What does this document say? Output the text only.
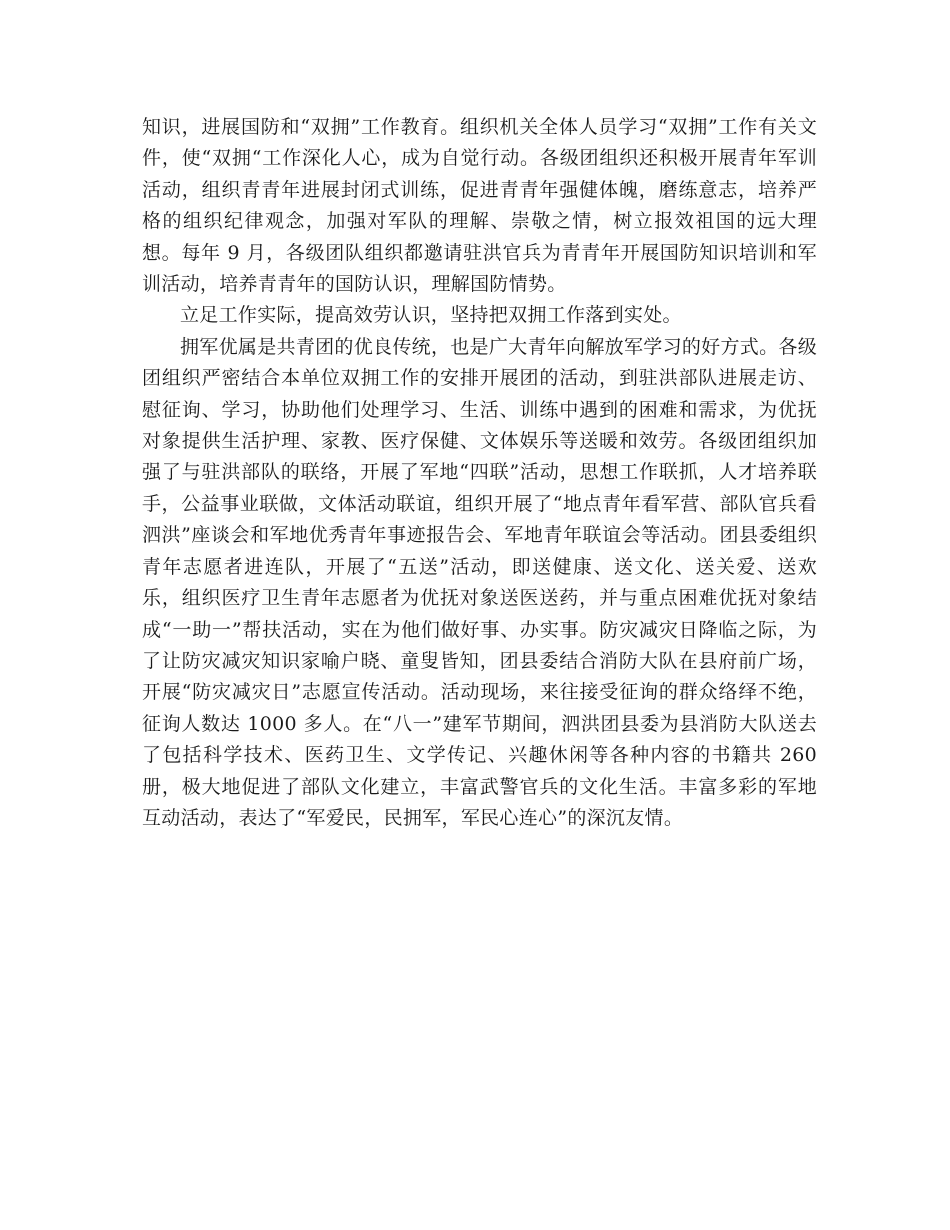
知识，进展国防和“双拥”工作教育。组织机关全体人员学习“双拥”工作有关文件，使“双拥“工作深化人心，成为自觉行动。各级团组织还积极开展青年军训活动，组织青青年进展封闭式训练，促进青青年强健体魄，磨练意志，培养严格的组织纪律观念，加强对军队的理解、崇敬之情，树立报效祖国的远大理想。每年 9 月，各级团队组织都邀请驻洪官兵为青青年开展国防知识培训和军训活动，培养青青年的国防认识，理解国防情势。

立足工作实际，提高效劳认识，坚持把双拥工作落到实处。

拥军优属是共青团的优良传统，也是广大青年向解放军学习的好方式。各级团组织严密结合本单位双拥工作的安排开展团的活动，到驻洪部队进展走访、慰征询、学习，协助他们处理学习、生活、训练中遇到的困难和需求，为优抚对象提供生活护理、家教、医疗保健、文体娱乐等送暖和效劳。各级团组织加强了与驻洪部队的联络，开展了军地“四联”活动，思想工作联抓，人才培养联手，公益事业联做，文体活动联谊，组织开展了“地点青年看军营、部队官兵看泗洪”座谈会和军地优秀青年事迹报告会、军地青年联谊会等活动。团县委组织青年志愿者进连队，开展了“五送”活动，即送健康、送文化、送关爱、送欢乐，组织医疗卫生青年志愿者为优抚对象送医送药，并与重点困难优抚对象结成“一助一”帮扶活动，实在为他们做好事、办实事。防灾减灾日降临之际，为了让防灾减灾知识家喻户晓、童叟皆知，团县委结合消防大队在县府前广场，开展“防灾减灾日”志愿宣传活动。活动现场，来往接受征询的群众络绎不绝，征询人数达 1000 多人。在“八一”建军节期间，泗洪团县委为县消防大队送去了包括科学技术、医药卫生、文学传记、兴趣休闲等各种内容的书籍共 260 册，极大地促进了部队文化建立，丰富武警官兵的文化生活。丰富多彩的军地互动活动，表达了“军爱民，民拥军，军民心连心”的深沉友情。
